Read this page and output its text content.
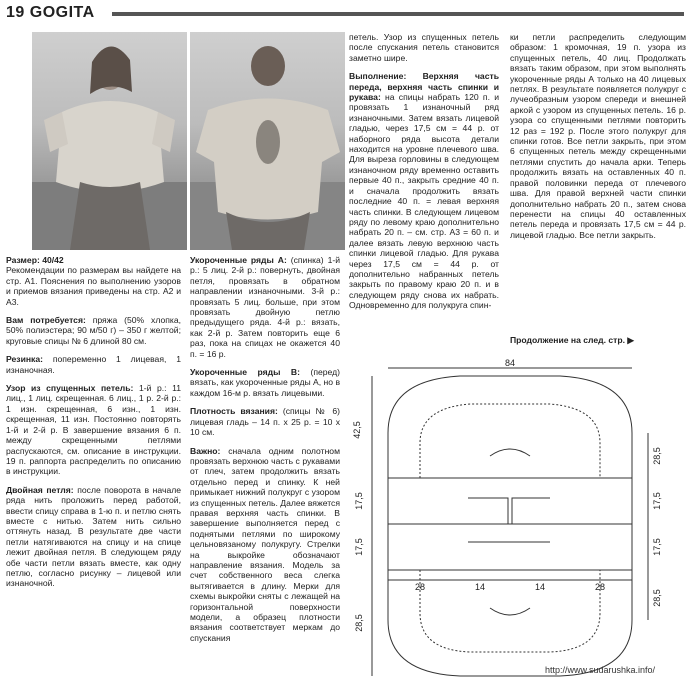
19 GOGITA

Размер: 40/42
Рекомендации по размерам вы найдете на стр. А1. Пояснения по выполнению узоров и приемов вязания приведены на стр. А2 и А3.

Вам потребуется: пряжа (50% хлопка, 50% полиэстера; 90 м/50 г) – 350 г желтой; круговые спицы № 6 длиной 80 см.

Резинка: попеременно 1 лицевая, 1 изнаночная.

Узор из спущенных петель: 1-й р.: 11 лиц., 1 лиц. скрещенная. 6 лиц., 1 р. 2-й р.: 1 изн. скрещенная, 6 изн., 1 изн. скрещенная, 11 изн. Постоянно повторять 1-й и 2-й р. В завершение вязания 6 п. между скрещенными петлями распускаются, см. описание в инструкции. 19 п. раппорта распределить по описанию в инструкции.

Двойная петля: после поворота в начале ряда нить проложить перед работой, ввести спицу справа в 1-ю п. и петлю снять вместе с нитью. Затем нить сильно оттянуть назад. В результате две части петли натягиваются на спицу и на спице лежит двойная петля. В следующем ряду обе части петли вязать вместе, как одну петлю, согласно рисунку – лицевой или изнаночной.

Укороченные ряды А: (спинка) 1-й р.: 5 лиц. 2-й р.: повернуть, двойная петля, провязать в обратном направлении изнаночными. 3-й р.: провязать 5 лиц. больше, при этом провязать двойную петлю предыдущего ряда. 4-й р.: вязать, как 2-й р. Затем повторить еще 6 раз, пока на спицах не окажется 40 п. = 16 р.

Укороченные ряды В: (перед) вязать, как укороченные ряды А, но в каждом 16-м р. вязать лицевыми.

Плотность вязания: (спицы № 6) лицевая гладь – 14 п. x 25 р. = 10 x 10 см.

Важно: сначала одним полотном провязать верхнюю часть с рукавами от плеч, затем продолжить вязать отдельно перед и спинку. К ней примыкает нижний полукруг с узором из спущенных петель. Далее вяжется правая верхняя часть спинки. В завершение выполняется перед с поднятыми петлями по широкому цельновязаному полукругу. Стрелки на выкройке обозначают направление вязания. Модель за счет собственного веса слегка вытягивается в длину. Мерки для схемы выкройки сняты с лежащей на горизонтальной поверхности модели, а образец плотности вязания соответствует меркам до спускания

петель. Узор из спущенных петель после спускания петель становится заметно шире.

Выполнение: Верхняя часть переда, верхняя часть спинки и рукава: на спицы набрать 120 п. и провязать 1 изнаночный ряд изнаночными. Затем вязать лицевой гладью, через 17,5 см = 44 р. от наборного ряда высота детали находится на уровне плечевого шва. Для выреза горловины в следующем изнаночном ряду временно оставить первые 40 п., закрыть средние 40 п. и сначала продолжить вязать последние 40 п. = левая верхняя часть спинки. В следующем лицевом ряду по левому краю дополнительно набрать 20 п. – см. стр. А3 = 60 п. и далее вязать левую верхнюю часть спинки лицевой гладью. Для рукава через 17,5 см = 44 р. от дополнительно набранных петель закрыть по правому краю 20 п. и в следующем ряду снова их набрать. Одновременно для полукруга спин-

ки петли распределить следующим образом: 1 кромочная, 19 п. узора из спущенных петель, 40 лиц. Продолжать вязать таким образом, при этом выполнять укороченные ряды А только на 40 лицевых петлях. В результате появляется полукруг с лучеобразным узором спереди и внешней аркой с узором из спущенных петель. 16 р. узора со спущенными петлями повторить 12 раз = 192 р. После этого полукруг для спинки готов. Все петли закрыть, при этом 6 спущенных петель между скрещенными петлями спустить до начала арки. Теперь продолжить вязать на оставленных 40 п. правой половинки переда от плечевого шва. Для правой верхней части спинки дополнительно набрать 20 п., затем снова перенести на спицы 40 оставленных петель переда и провязать 17,5 см = 44 р. лицевой гладью. Все петли закрыть.

Продолжение на след. стр. ▶
84
42,5
28,5
17,5
17,5
17,5
17,5
28	14	14	28
28,5
28,5
http://www.sudarushka.info/
